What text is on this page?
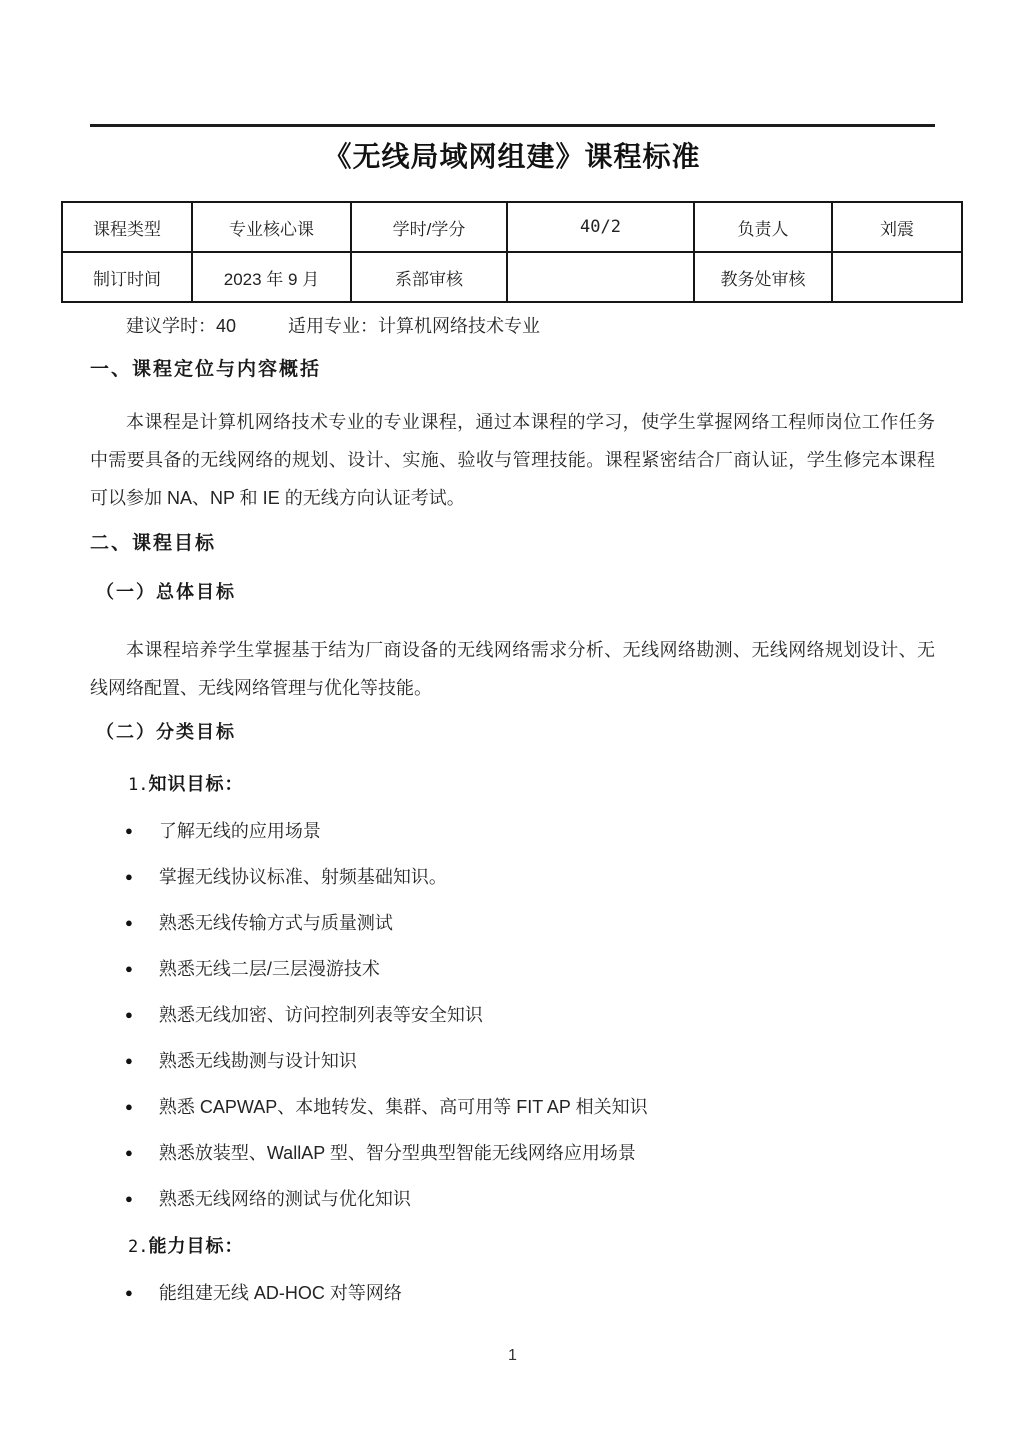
《无线局域网组建》课程标准
课程类型	专业核心课	学时/学分	40/2	负责人	刘震
制订时间	2023 年 9 月	系部审核		教务处审核	
建议学时：40	适用专业：计算机网络技术专业
一、课程定位与内容概括

本课程是计算机网络技术专业的专业课程，通过本课程的学习，使学生掌握网络工程师岗位工作任务中需要具备的无线网络的规划、设计、实施、验收与管理技能。课程紧密结合厂商认证，学生修完本课程可以参加 NA、NP 和 IE 的无线方向认证考试。

二、课程目标
（一）总体目标

本课程培养学生掌握基于结为厂商设备的无线网络需求分析、无线网络勘测、无线网络规划设计、无线网络配置、无线网络管理与优化等技能。

（二）分类目标
1.知识目标：
● 了解无线的应用场景
● 掌握无线协议标准、射频基础知识。
● 熟悉无线传输方式与质量测试
● 熟悉无线二层/三层漫游技术
● 熟悉无线加密、访问控制列表等安全知识
● 熟悉无线勘测与设计知识
● 熟悉 CAPWAP、本地转发、集群、高可用等 FIT AP 相关知识
● 熟悉放装型、WallAP 型、智分型典型智能无线网络应用场景
● 熟悉无线网络的测试与优化知识
2.能力目标：
● 能组建无线 AD-HOC 对等网络
1
